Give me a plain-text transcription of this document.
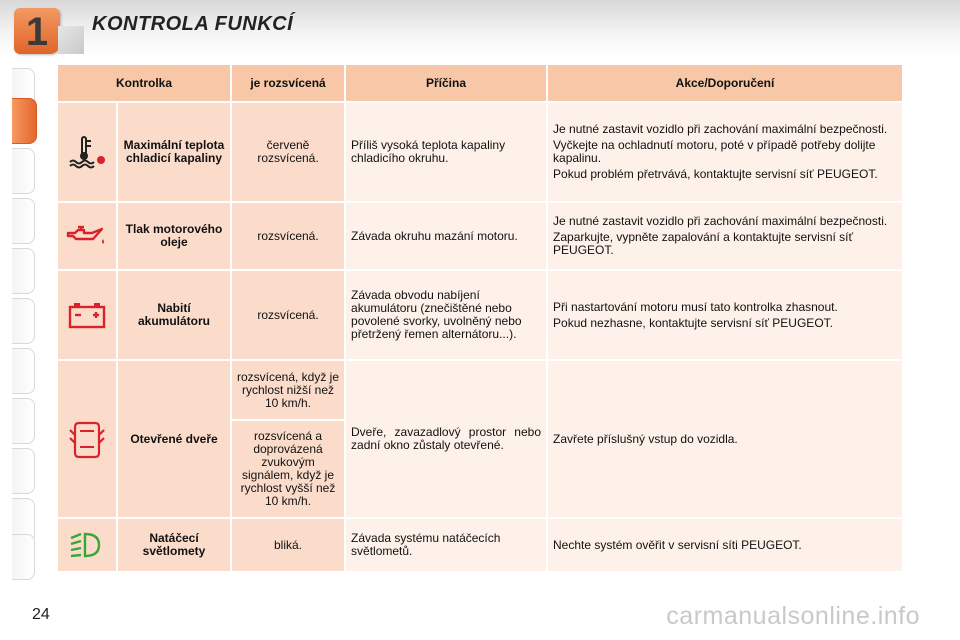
1	KONTROLA FUNKCÍ
Kontrolka		je rozsvícená	Příčina	Akce/Doporučení

	Maximální teplota chladicí kapaliny	červeně rozsvícená.	Příliš vysoká teplota kapaliny chladicího okruhu.	Je nutné zastavit vozidlo při zachování maximální bezpečnosti.

Vyčkejte na ochladnutí motoru, poté v případě potřeby dolijte kapalinu.

Pokud problém přetrvává, kontaktujte servisní síť PEUGEOT.

	Tlak motorového oleje	rozsvícená.	Závada okruhu mazání motoru.	Je nutné zastavit vozidlo při zachování maximální bezpečnosti.

Zaparkujte, vypněte zapalování a kontaktujte servisní síť PEUGEOT.

	Nabití akumulátoru	rozsvícená.	Závada obvodu nabíjení akumulátoru (znečištěné nebo povolené svorky, uvolněný nebo přetržený řemen alternátoru...).	Při nastartování motoru musí tato kontrolka zhasnout.

Pokud nezhasne, kontaktujte servisní síť PEUGEOT.

	Otevřené dveře	rozsvícená, když je rychlost nižší než 10 km/h.	Dveře, zavazadlový prostor nebo zadní okno zůstaly otevřené.	Zavřete příslušný vstup do vozidla.

		rozsvícená a doprovázená zvukovým signálem, když je rychlost vyšší než 10 km/h.		

	Natáčecí světlomety	bliká.	Závada systému natáčecích světlometů.	Nechte systém ověřit v servisní síti PEUGEOT.

24	carmanualsonline.info
